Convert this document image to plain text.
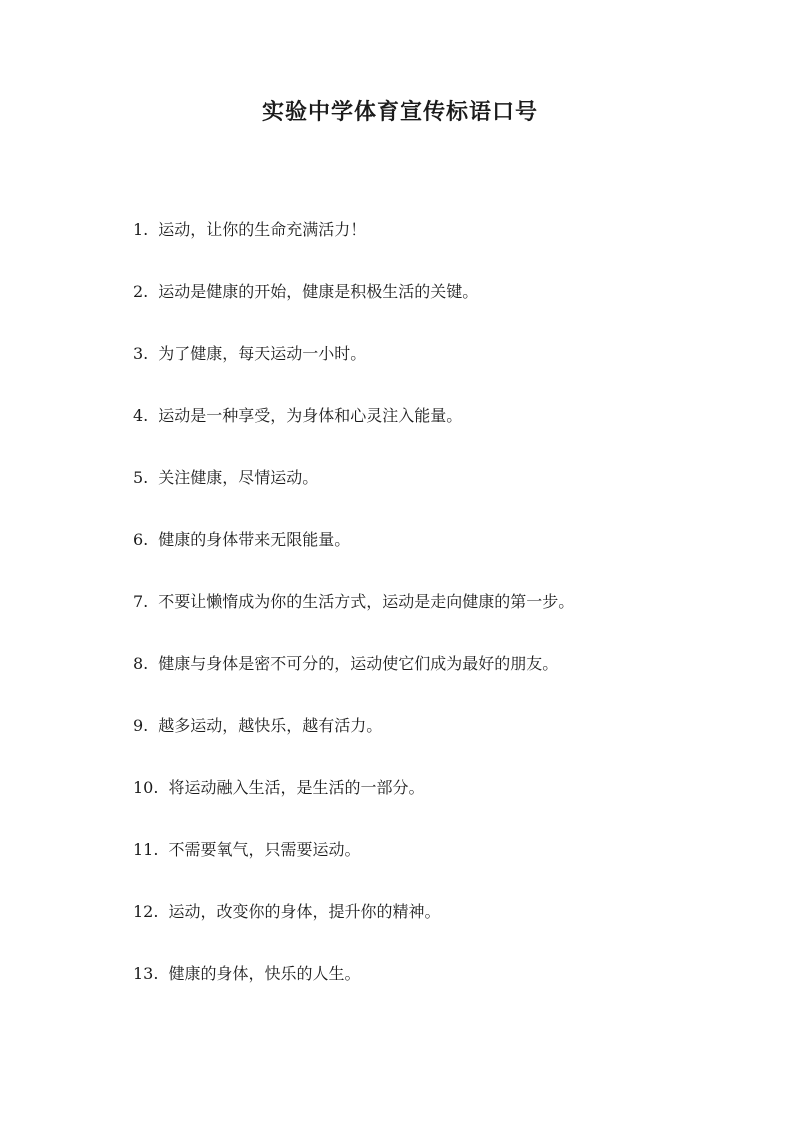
实验中学体育宣传标语口号
1. 运动，让你的生命充满活力！
2. 运动是健康的开始，健康是积极生活的关键。
3. 为了健康，每天运动一小时。
4. 运动是一种享受，为身体和心灵注入能量。
5. 关注健康，尽情运动。
6. 健康的身体带来无限能量。
7. 不要让懒惰成为你的生活方式，运动是走向健康的第一步。
8. 健康与身体是密不可分的，运动使它们成为最好的朋友。
9. 越多运动，越快乐，越有活力。
10. 将运动融入生活，是生活的一部分。
11. 不需要氧气，只需要运动。
12. 运动，改变你的身体，提升你的精神。
13. 健康的身体，快乐的人生。
